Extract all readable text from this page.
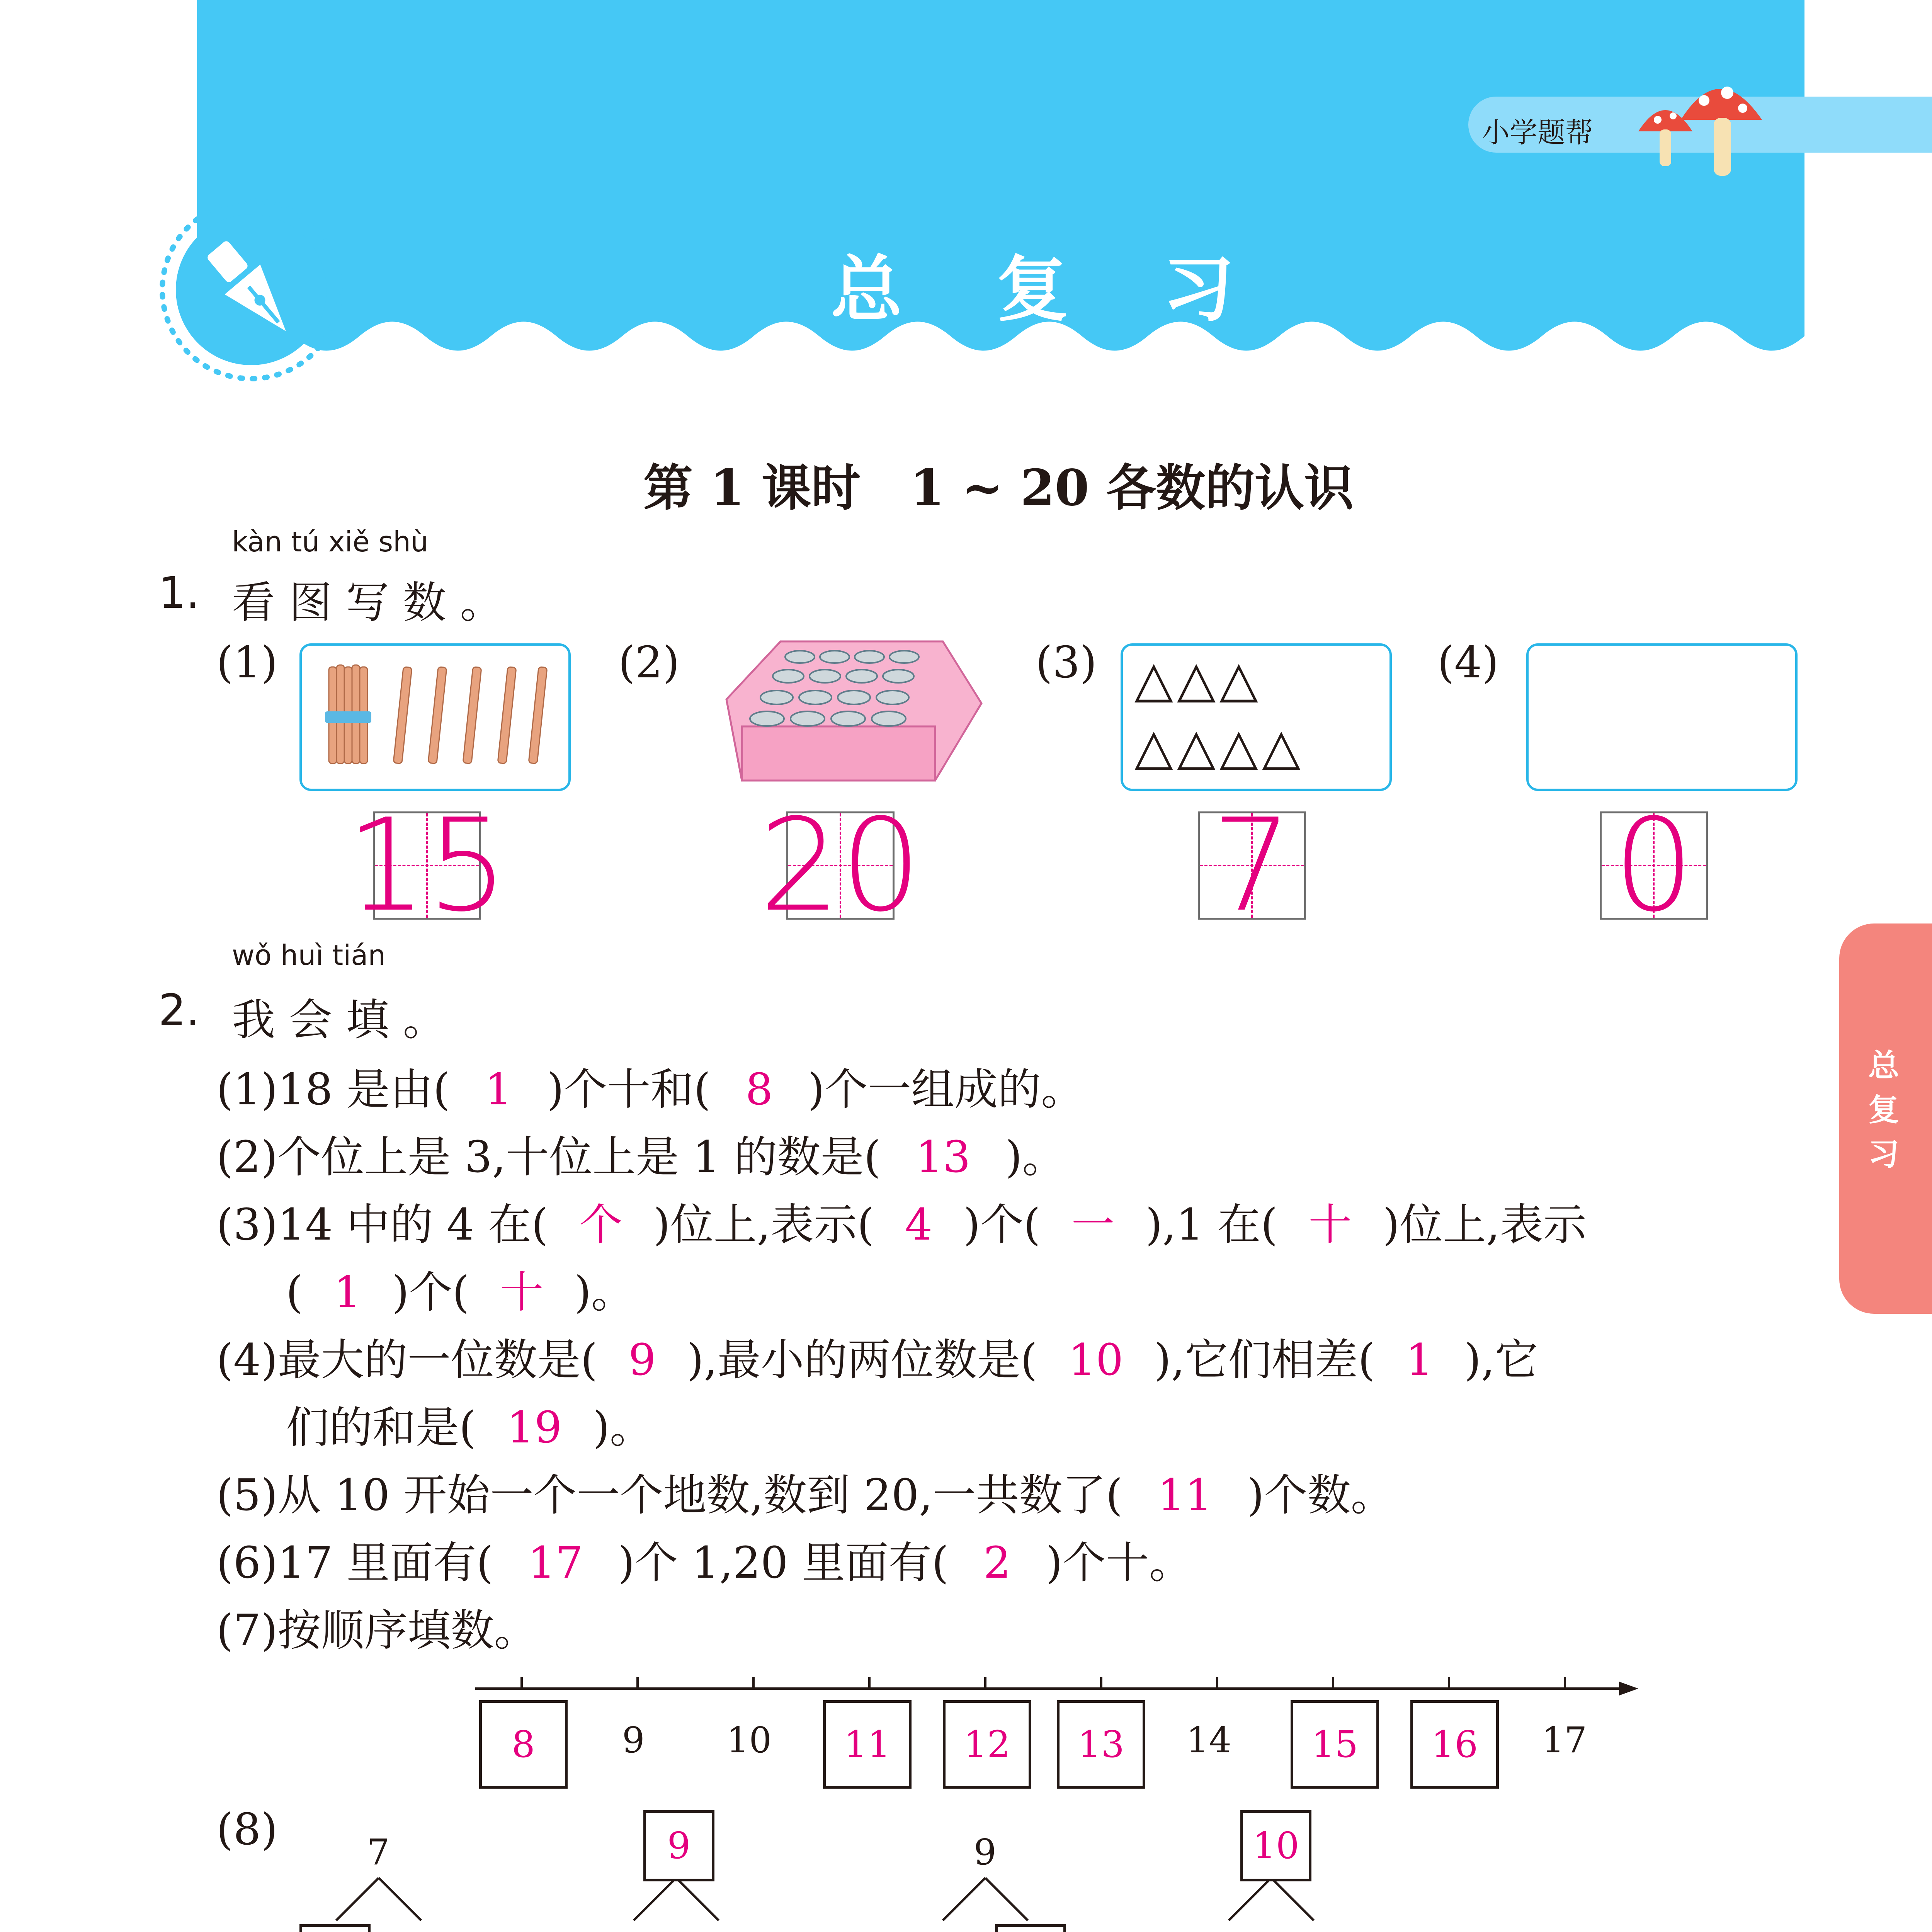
总 复 习
小学题帮
第 1 课时　1 ~ 20 各数的认识
总复习
kàn tú xiě shù
1. 看 图 写 数 。
(1)	(2)	(3)	(4)
△△△
△△△△
15 20 7	0
wǒ huì tián
2. 我 会 填 。
(1)18 是由( 1 )个十和( 8 )个一组成的。
(2)个位上是 3,十位上是 1 的数是( 13 )。
(3)14 中的 4 在( 个 )位上,表示( 4 )个( 一 ),1 在( 十 )位上,表示
( 1 )个( 十 )。
(4)最大的一位数是( 9 ),最小的两位数是( 10 ),它们相差( 1 ),它
们的和是( 19 )。
(5)从 10 开始一个一个地数,数到 20,一共数了( 11 )个数。
(6)17 里面有( 17 )个 1,20 里面有( 2 )个十。
(7)按顺序填数。
8	9 10	11	12	13	14	15	16	17
(8)	7	9	9	10
